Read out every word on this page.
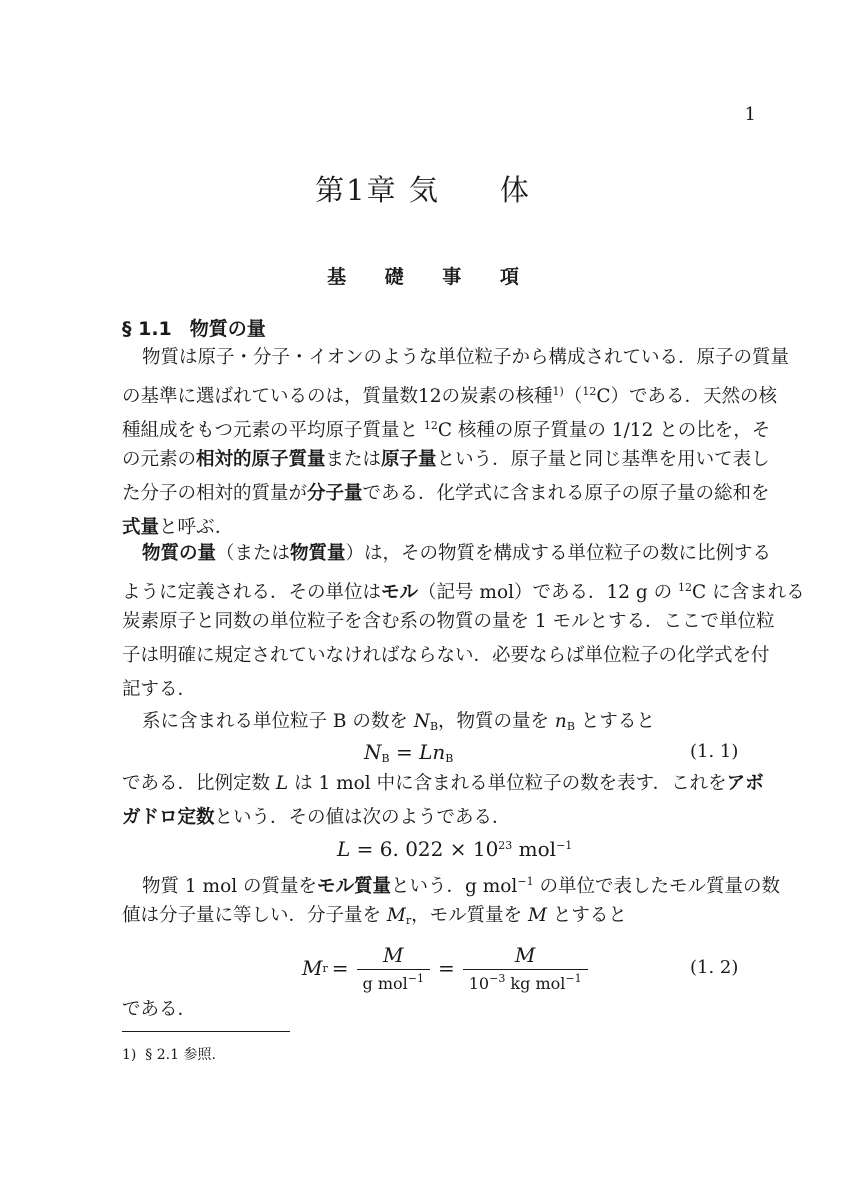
1
第1章 気 体
基 礎 事 項
§ 1.1 物質の量
物質は原子・分子・イオンのような単位粒子から構成されている．原子の質量
の基準に選ばれているのは，質量数12の炭素の核種$^{1)}$（$^{12}$C）である．天然の核
種組成をもつ元素の平均原子質量と $^{12}$C 核種の原子質量の 1/12 との比を，そ
の元素の相対的原子質量または原子量という．原子量と同じ基準を用いて表し
た分子の相対的質量が分子量である．化学式に含まれる原子の原子量の総和を
式量と呼ぶ．
物質の量（または物質量）は，その物質を構成する単位粒子の数に比例する
ように定義される．その単位はモル（記号 mol）である．12 g の $^{12}$C に含まれる
炭素原子と同数の単位粒子を含む系の物質の量を 1 モルとする．ここで単位粒
子は明確に規定されていなければならない．必要ならば単位粒子の化学式を付
記する．
系に含まれる単位粒子 B の数を $N_B$，物質の量を $n_B$ とすると
$N_B = Ln_B$	(1. 1)
である．比例定数 L は 1 mol 中に含まれる単位粒子の数を表す．これをアボ
ガドロ定数という．その値は次のようである．
L = 6. $022 \times 10^{23}$ mol$^{-1}$
物質 1 mol の質量をモル質量という．g mol$^{-1}$ の単位で表したモル質量の数
値は分子量に等しい．分子量を $M_r$，モル質量を M とすると
M $r = \frac{M}{g mol^{-1}} = \frac{M}{10^{-3} kg mol^{-1}}$	(1. 2)
である．
1) § 2.1 参照.
